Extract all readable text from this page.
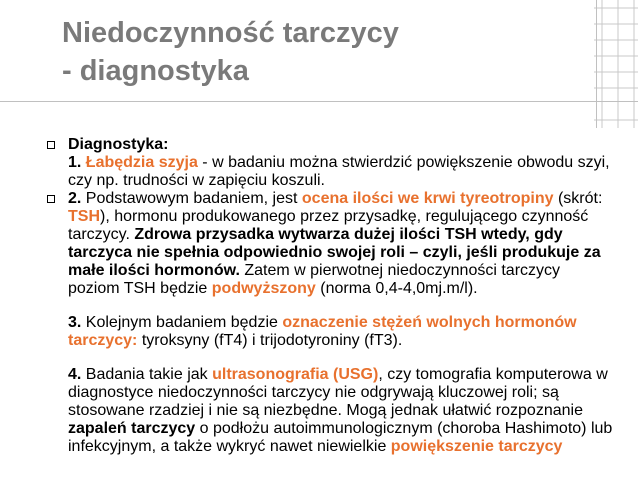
Niedoczynność tarczycy
- diagnostyka
Diagnostyka:
1. Łabędzia szyja - w badaniu można stwierdzić powiększenie obwodu szyi, czy np. trudności w zapięciu koszuli.
2. Podstawowym badaniem, jest ocena ilości we krwi tyreotropiny (skrót: TSH), hormonu produkowanego przez przysadkę, regulującego czynność tarczycy. Zdrowa przysadka wytwarza dużej ilości TSH wtedy, gdy tarczyca nie spełnia odpowiednio swojej roli – czyli, jeśli produkuje za małe ilości hormonów. Zatem w pierwotnej niedoczynności tarczycy poziom TSH będzie podwyższony (norma 0,4-4,0mj.m/l).
3. Kolejnym badaniem będzie oznaczenie stężeń wolnych hormonów tarczycy: tyroksyny (fT4) i trijodotyroniny (fT3).
4. Badania takie jak ultrasonografia (USG), czy tomografia komputerowa w diagnostyce niedoczynności tarczycy nie odgrywają kluczowej roli; są stosowane rzadziej i nie są niezbędne. Mogą jednak ułatwić rozpoznanie zapaleń tarczycy o podłożu autoimmunologicznym (choroba Hashimoto) lub infekcyjnym, a także wykryć nawet niewielkie powiększenie tarczycy
